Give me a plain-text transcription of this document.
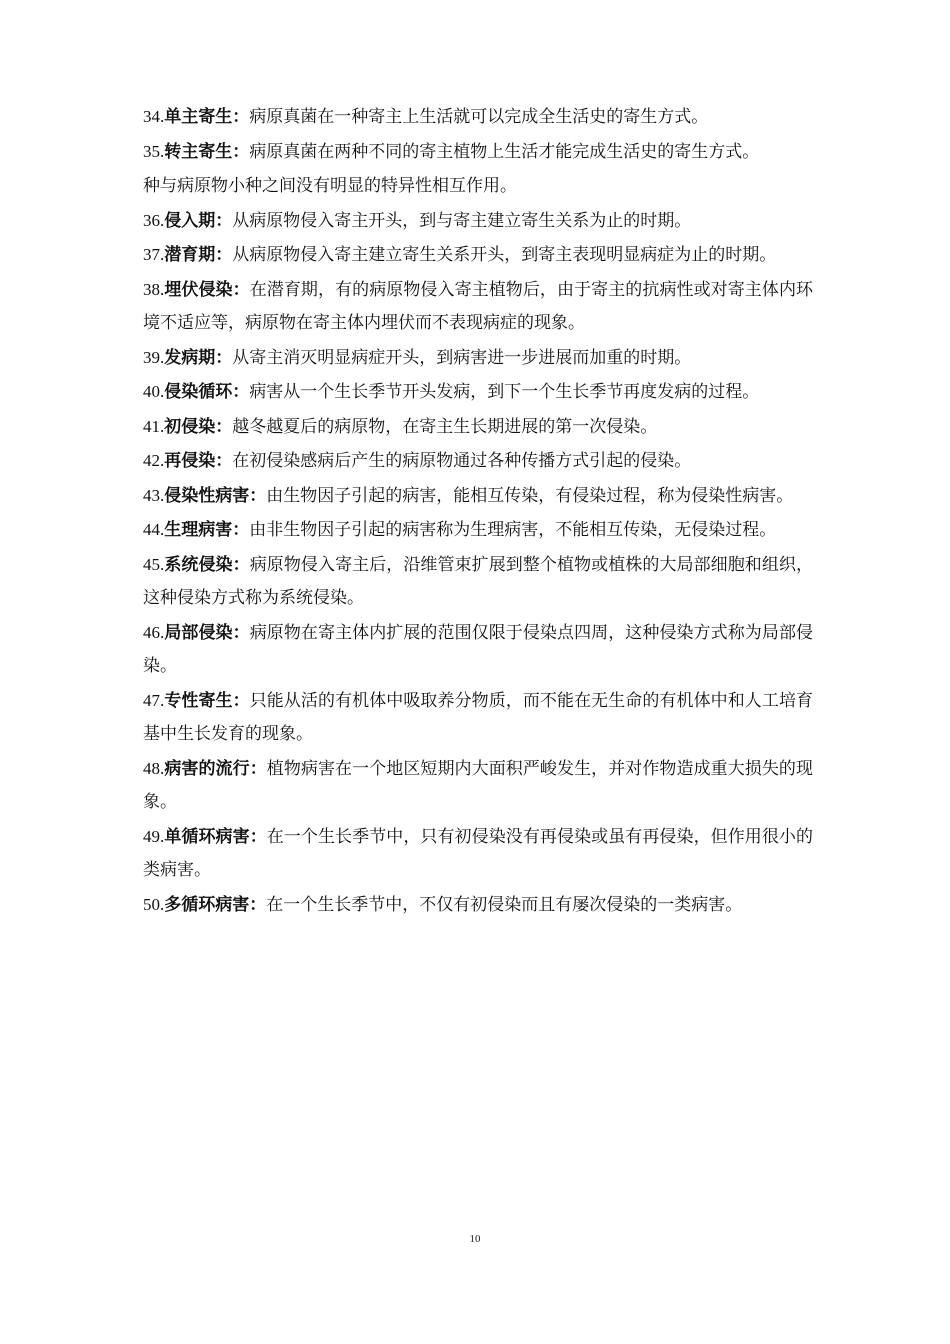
34.单主寄生：病原真菌在一种寄主上生活就可以完成全生活史的寄生方式。

35.转主寄生：病原真菌在两种不同的寄主植物上生活才能完成生活史的寄生方式。

种与病原物小种之间没有明显的特异性相互作用。

36.侵入期：从病原物侵入寄主开头，到与寄主建立寄生关系为止的时期。

37.潜育期：从病原物侵入寄主建立寄生关系开头，到寄主表现明显病症为止的时期。

38.埋伏侵染：在潜育期，有的病原物侵入寄主植物后，由于寄主的抗病性或对寄主体内环境不适应等，病原物在寄主体内埋伏而不表现病症的现象。

39.发病期：从寄主消灭明显病症开头，到病害进一步进展而加重的时期。

40.侵染循环：病害从一个生长季节开头发病，到下一个生长季节再度发病的过程。

41.初侵染：越冬越夏后的病原物，在寄主生长期进展的第一次侵染。

42.再侵染：在初侵染感病后产生的病原物通过各种传播方式引起的侵染。

43.侵染性病害：由生物因子引起的病害，能相互传染，有侵染过程，称为侵染性病害。

44.生理病害：由非生物因子引起的病害称为生理病害，不能相互传染，无侵染过程。

45.系统侵染：病原物侵入寄主后，沿维管束扩展到整个植物或植株的大局部细胞和组织，这种侵染方式称为系统侵染。

46.局部侵染：病原物在寄主体内扩展的范围仅限于侵染点四周，这种侵染方式称为局部侵染。

47.专性寄生：只能从活的有机体中吸取养分物质，而不能在无生命的有机体中和人工培育基中生长发育的现象。

48.病害的流行：植物病害在一个地区短期内大面积严峻发生，并对作物造成重大损失的现象。

49.单循环病害：在一个生长季节中，只有初侵染没有再侵染或虽有再侵染，但作用很小的类病害。

50.多循环病害：在一个生长季节中，不仅有初侵染而且有屡次侵染的一类病害。

10
